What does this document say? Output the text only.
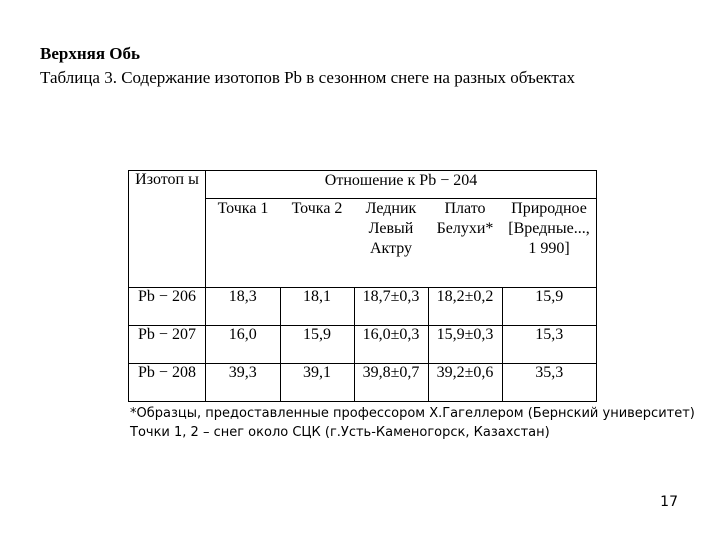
Верхняя Обь
Таблица 3. Содержание изотопов Pb в сезонном снеге на разных объектах
Изотоп ы	Отношение к Pb − 204				
	Точка 1	Точка 2	Ледник Левый Актру	Плато Белухи*	Природное [Вредные..., 1 990]
Pb − 206	18,3	18,1	18,7±0,3	18,2±0,2	15,9
Pb − 207	16,0	15,9	16,0±0,3	15,9±0,3	15,3
Pb − 208	39,3	39,1	39,8±0,7	39,2±0,6	35,3
*Образцы, предоставленные профессором Х.Гагеллером (Бернский университет)
Точки 1, 2 – снег около СЦК (г.Усть-Каменогорск, Казахстан)
17
